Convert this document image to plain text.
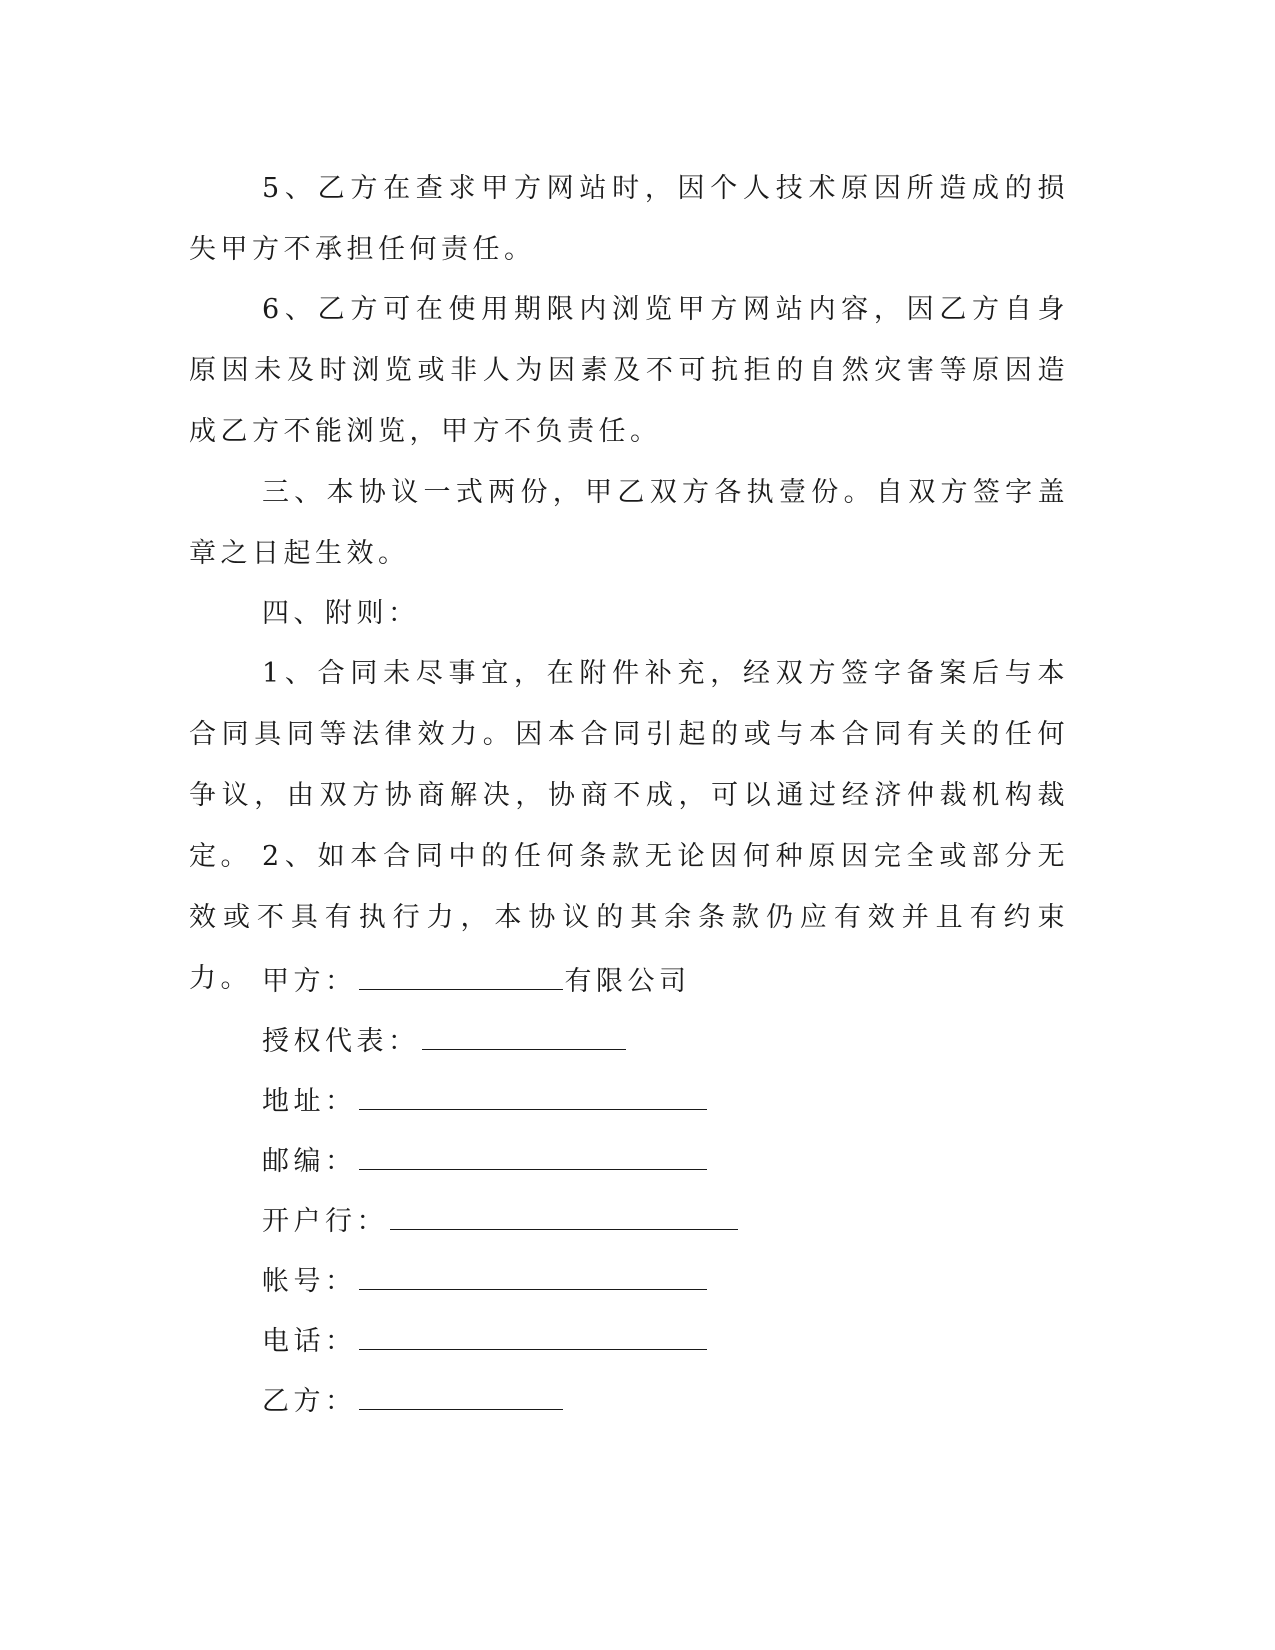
5、乙方在查求甲方网站时，因个人技术原因所造成的损失甲方不承担任何责任。

6、乙方可在使用期限内浏览甲方网站内容，因乙方自身原因未及时浏览或非人为因素及不可抗拒的自然灾害等原因造成乙方不能浏览，甲方不负责任。

三、本协议一式两份，甲乙双方各执壹份。自双方签字盖章之日起生效。

四、附则：

1、合同未尽事宜，在附件补充，经双方签字备案后与本合同具同等法律效力。因本合同引起的或与本合同有关的任何争议，由双方协商解决，协商不成，可以通过经济仲裁机构裁定。 2、如本合同中的任何条款无论因何种原因完全或部分无效或不具有执行力，本协议的其余条款仍应有效并且有约束力。 甲方：	有限公司
授权代表：
地址：
邮编：
开户行：
帐号：
电话：
乙方：
